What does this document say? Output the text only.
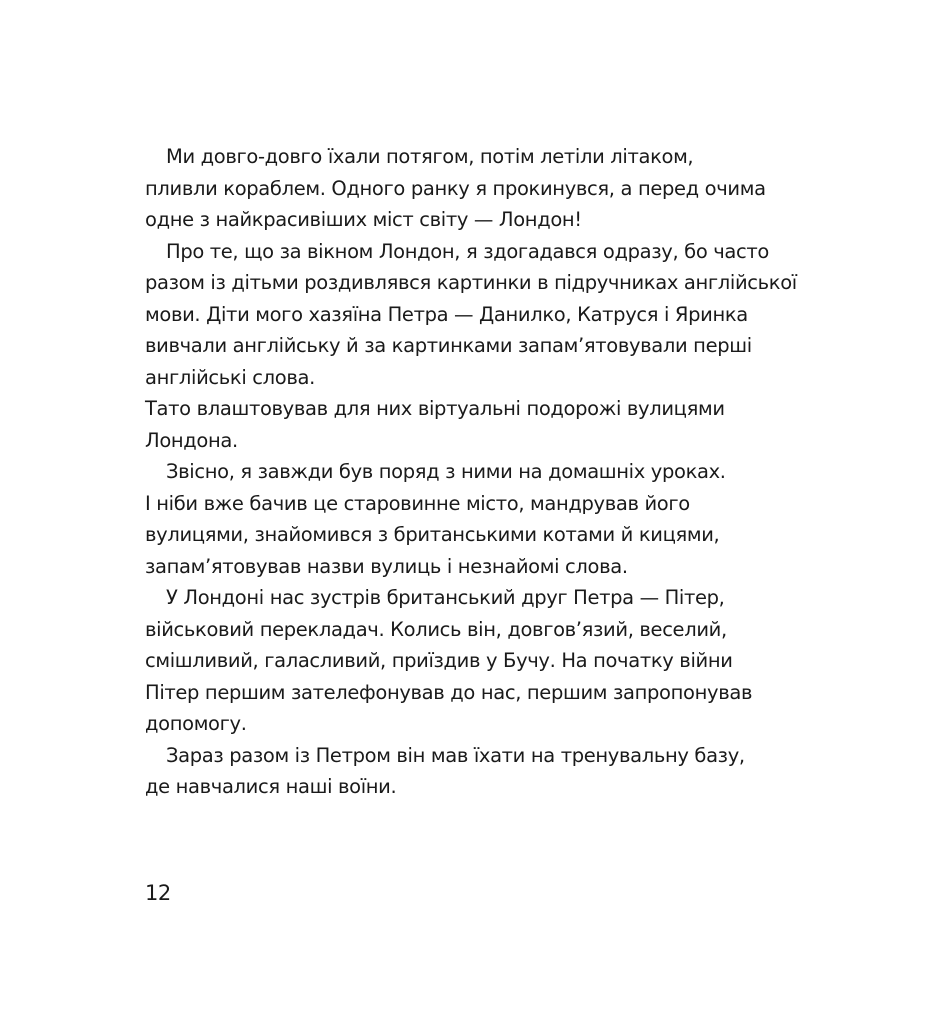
Ми довго-довго їхали потягом, потім летіли літаком,
пливли кораблем. Одного ранку я прокинувся, а перед очима
одне з найкрасивіших міст світу — Лондон!
Про те, що за вікном Лондон, я здогадався одразу, бо часто
разом із дітьми роздивлявся картинки в підручниках англійської
мови. Діти мого хазяїна Петра — Данилко, Катруся і Яринка
вивчали англійську й за картинками запам’ятовували перші
англійські слова.
Тато влаштовував для них віртуальні подорожі вулицями
Лондона.
Звісно, я завжди був поряд з ними на домашніх уроках.
І ніби вже бачив це старовинне місто, мандрував його
вулицями, знайомився з британськими котами й кицями,
запам’ятовував назви вулиць і незнайомі слова.
У Лондоні нас зустрів британський друг Петра — Пітер,
військовий перекладач. Колись він, довгов’язий, веселий,
смішливий, галасливий, приїздив у Бучу. На початку війни
Пітер першим зателефонував до нас, першим запропонував
допомогу.
Зараз разом із Петром він мав їхати на тренувальну базу,
де навчалися наші воїни.
12
